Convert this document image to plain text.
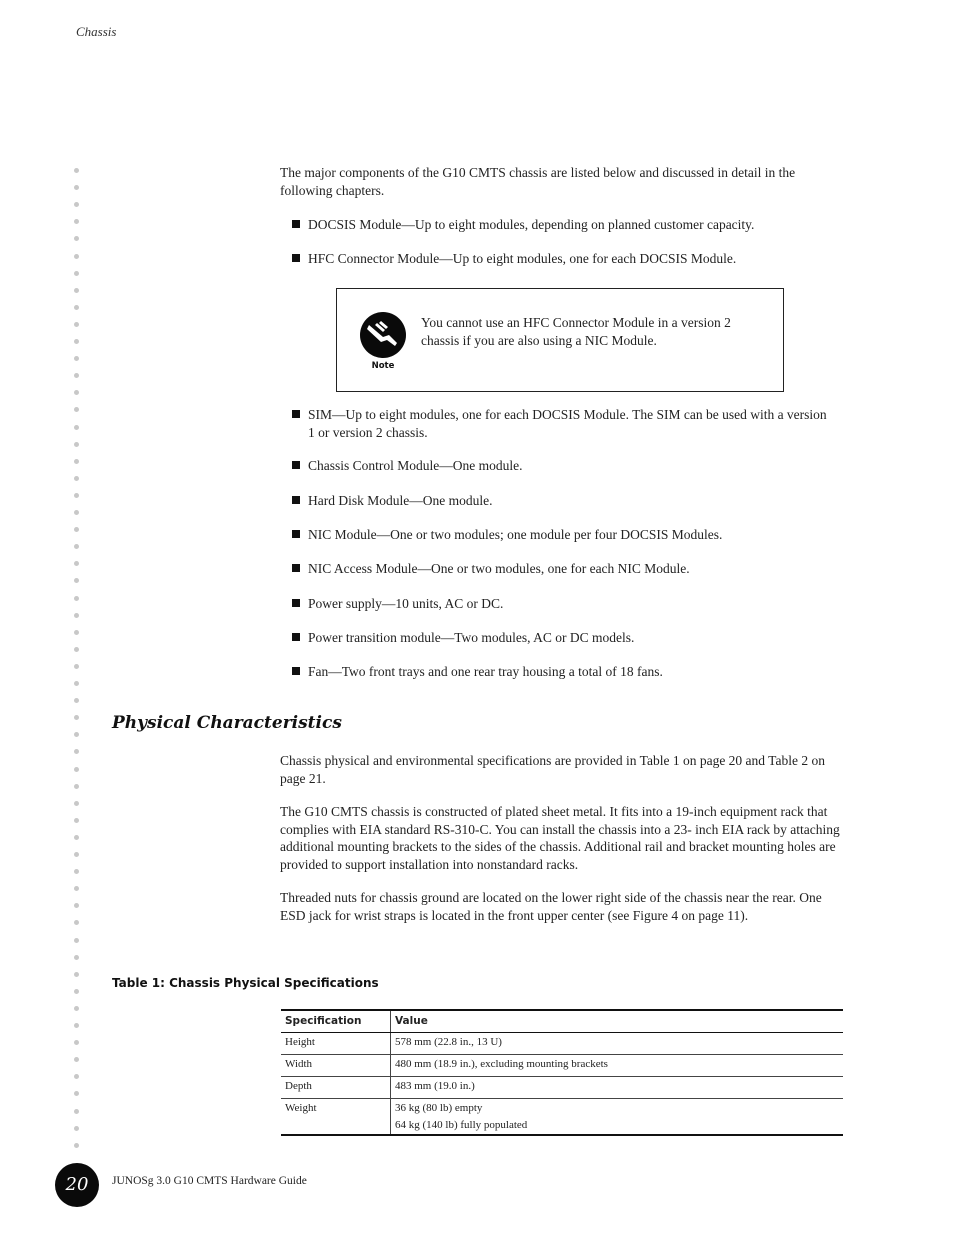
Chassis

The major components of the G10 CMTS chassis are listed below and discussed in detail in the following chapters.

DOCSIS Module—Up to eight modules, depending on planned customer capacity.
HFC Connector Module—Up to eight modules, one for each DOCSIS Module.
Note
You cannot use an HFC Connector Module in a version 2 chassis if you are also using a NIC Module.
SIM—Up to eight modules, one for each DOCSIS Module. The SIM can be used with a version 1 or version 2 chassis.
Chassis Control Module—One module.
Hard Disk Module—One module.
NIC Module—One or two modules; one module per four DOCSIS Modules.
NIC Access Module—One or two modules, one for each NIC Module.
Power supply—10 units, AC or DC.
Power transition module—Two modules, AC or DC models.
Fan—Two front trays and one rear tray housing a total of 18 fans.
Physical Characteristics

Chassis physical and environmental specifications are provided in Table 1 on page 20 and Table 2 on page 21.

The G10 CMTS chassis is constructed of plated sheet metal. It fits into a 19-inch equipment rack that complies with EIA standard RS-310-C. You can install the chassis into a 23- inch EIA rack by attaching additional mounting brackets to the sides of the chassis. Additional rail and bracket mounting holes are provided to support installation into nonstandard racks.

Threaded nuts for chassis ground are located on the lower right side of the chassis near the rear. One ESD jack for wrist straps is located in the front upper center (see Figure 4 on page 11).

Table 1: Chassis Physical Specifications
Specification	Value
Height	578 mm (22.8 in., 13 U)
Width	480 mm (18.9 in.), excluding mounting brackets
Depth	483 mm (19.0 in.)
Weight	36 kg (80 lb) empty
64 kg (140 lb) fully populated
20	JUNOSg 3.0 G10 CMTS Hardware Guide
